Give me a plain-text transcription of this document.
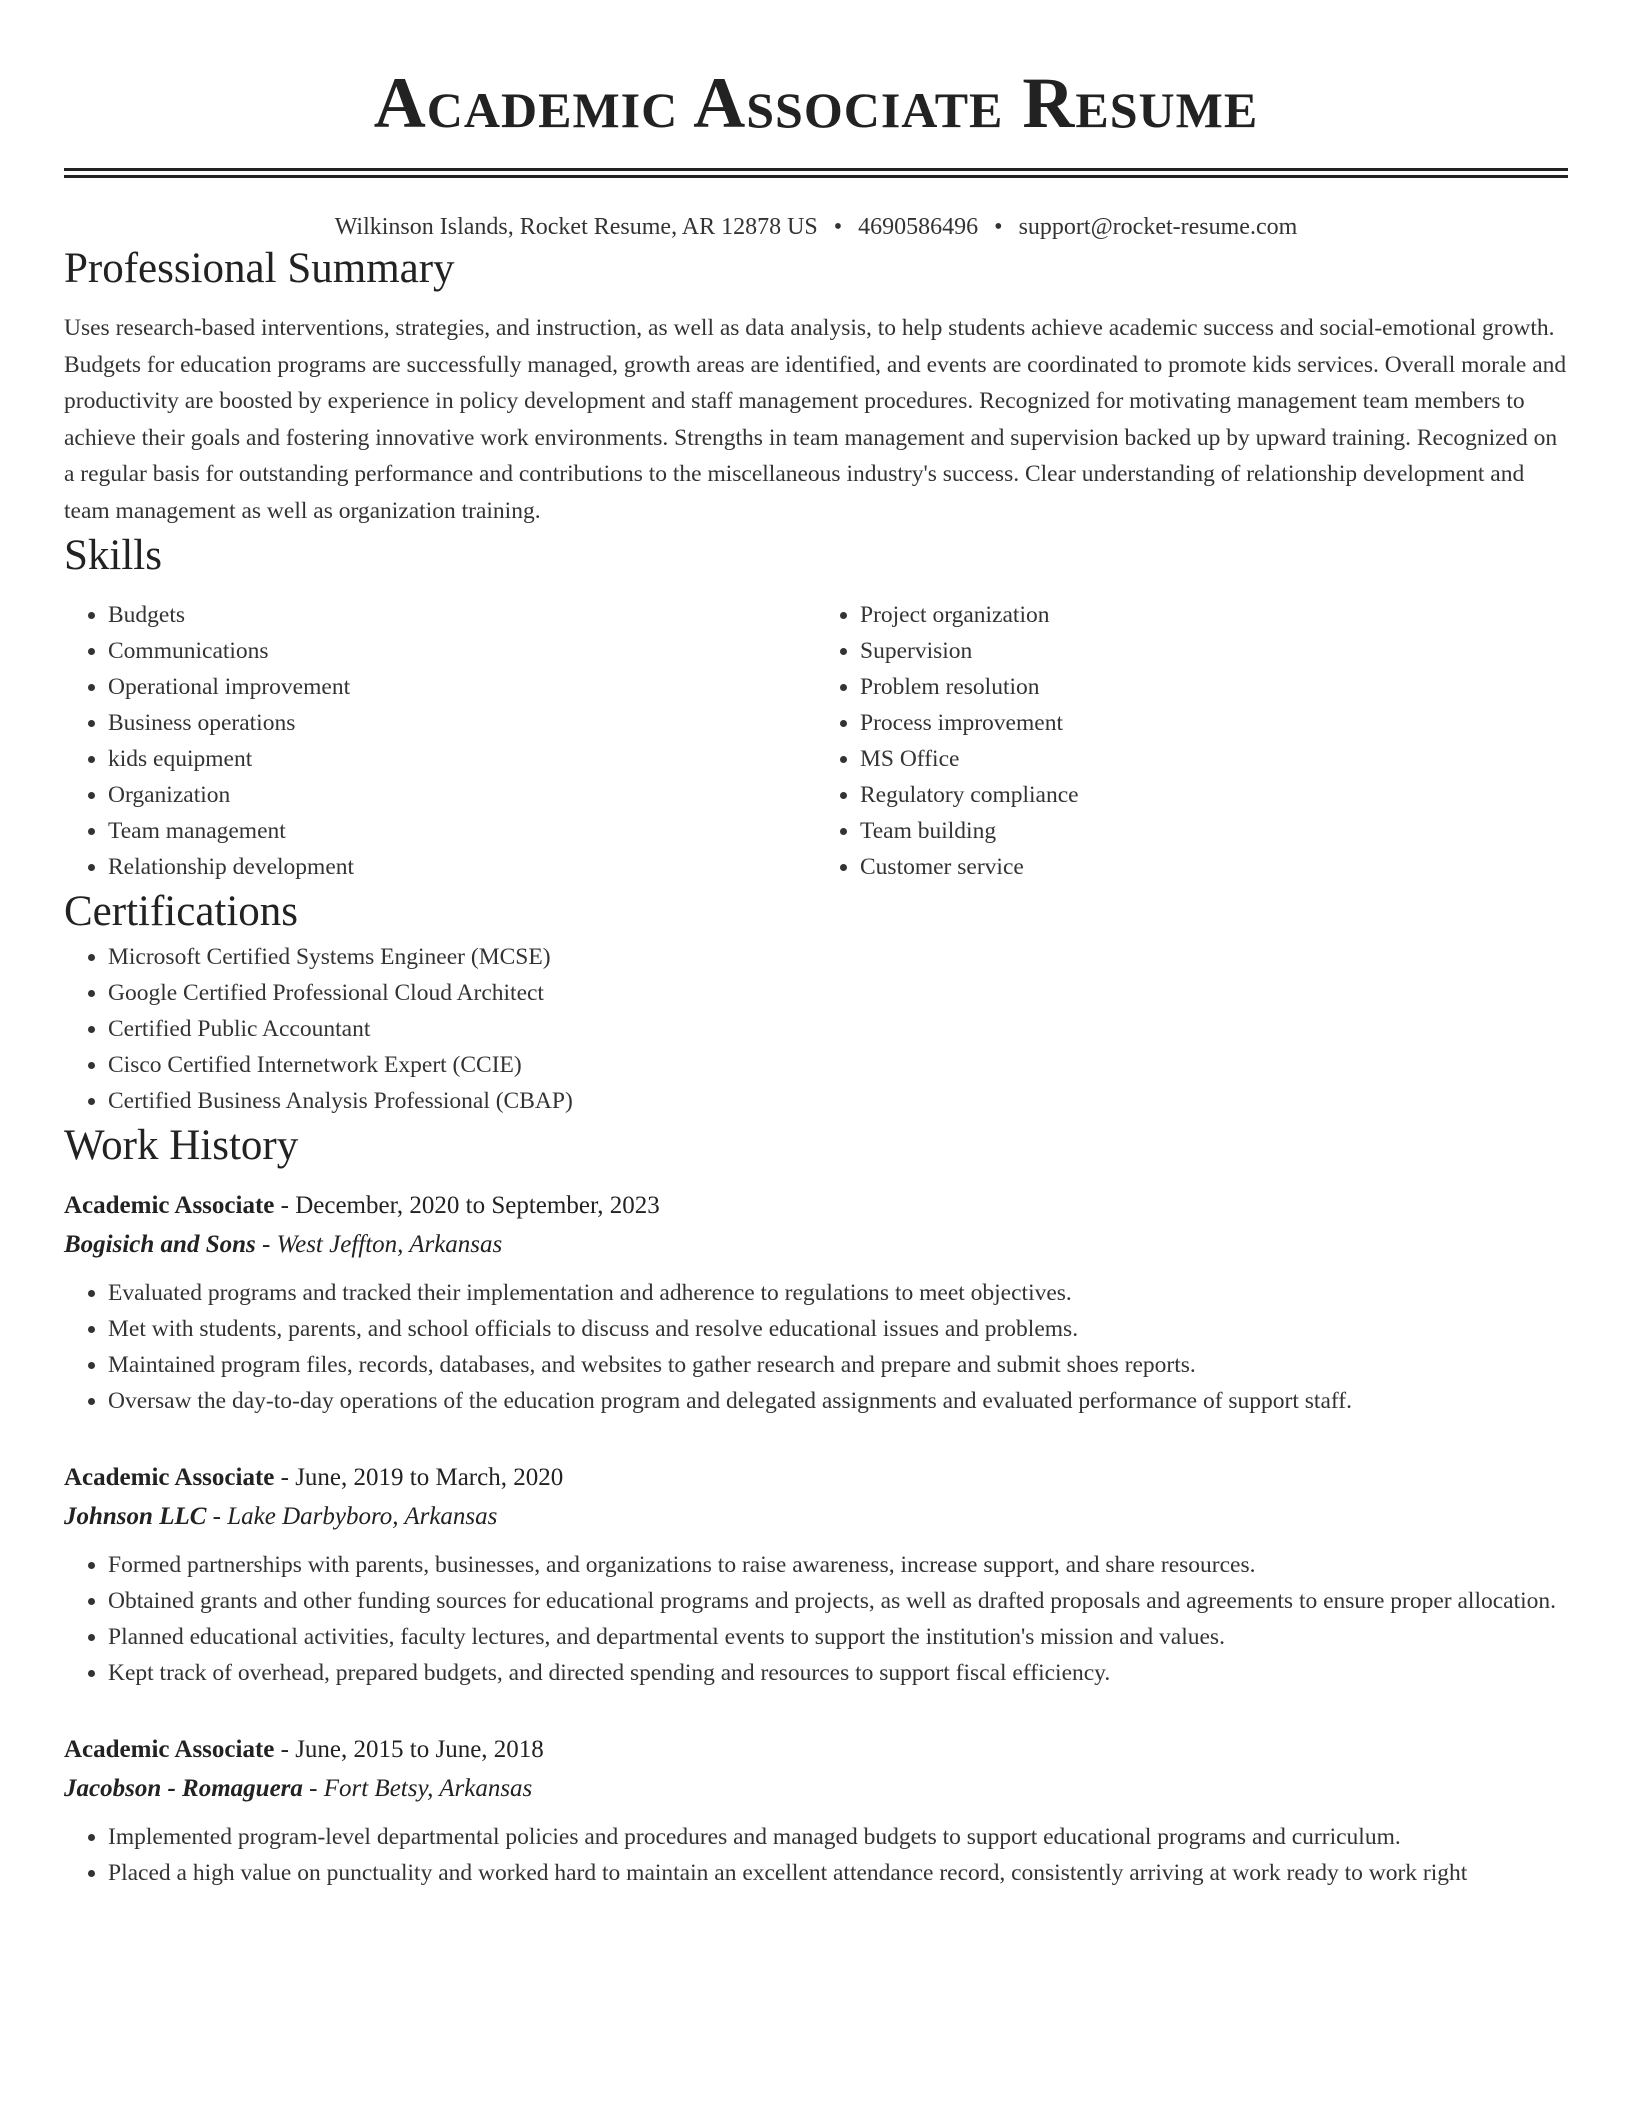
Academic Associate Resume
Wilkinson Islands, Rocket Resume, AR 12878 US • 4690586496 • support@rocket-resume.com
Professional Summary

Uses research-based interventions, strategies, and instruction, as well as data analysis, to help students achieve academic success and social-emotional growth. Budgets for education programs are successfully managed, growth areas are identified, and events are coordinated to promote kids services. Overall morale and productivity are boosted by experience in policy development and staff management procedures. Recognized for motivating management team members to achieve their goals and fostering innovative work environments. Strengths in team management and supervision backed up by upward training. Recognized on a regular basis for outstanding performance and contributions to the miscellaneous industry's success. Clear understanding of relationship development and team management as well as organization training.

Skills
• Budgets
• Communications
• Operational improvement
• Business operations
• kids equipment
• Organization
• Team management
• Relationship development
• Project organization
• Supervision
• Problem resolution
• Process improvement
• MS Office
• Regulatory compliance
• Team building
• Customer service
Certifications
• Microsoft Certified Systems Engineer (MCSE)
• Google Certified Professional Cloud Architect
• Certified Public Accountant
• Cisco Certified Internetwork Expert (CCIE)
• Certified Business Analysis Professional (CBAP)
Work History
Academic Associate - December, 2020 to September, 2023
Bogisich and Sons - West Jeffton, Arkansas
• Evaluated programs and tracked their implementation and adherence to regulations to meet objectives.
• Met with students, parents, and school officials to discuss and resolve educational issues and problems.
• Maintained program files, records, databases, and websites to gather research and prepare and submit shoes reports.
• Oversaw the day-to-day operations of the education program and delegated assignments and evaluated performance of support staff.
Academic Associate - June, 2019 to March, 2020
Johnson LLC - Lake Darbyboro, Arkansas
• Formed partnerships with parents, businesses, and organizations to raise awareness, increase support, and share resources.
• Obtained grants and other funding sources for educational programs and projects, as well as drafted proposals and agreements to ensure proper allocation.
• Planned educational activities, faculty lectures, and departmental events to support the institution's mission and values.
• Kept track of overhead, prepared budgets, and directed spending and resources to support fiscal efficiency.
Academic Associate - June, 2015 to June, 2018
Jacobson - Romaguera - Fort Betsy, Arkansas
• Implemented program-level departmental policies and procedures and managed budgets to support educational programs and curriculum.
• Placed a high value on punctuality and worked hard to maintain an excellent attendance record, consistently arriving at work ready to work right
